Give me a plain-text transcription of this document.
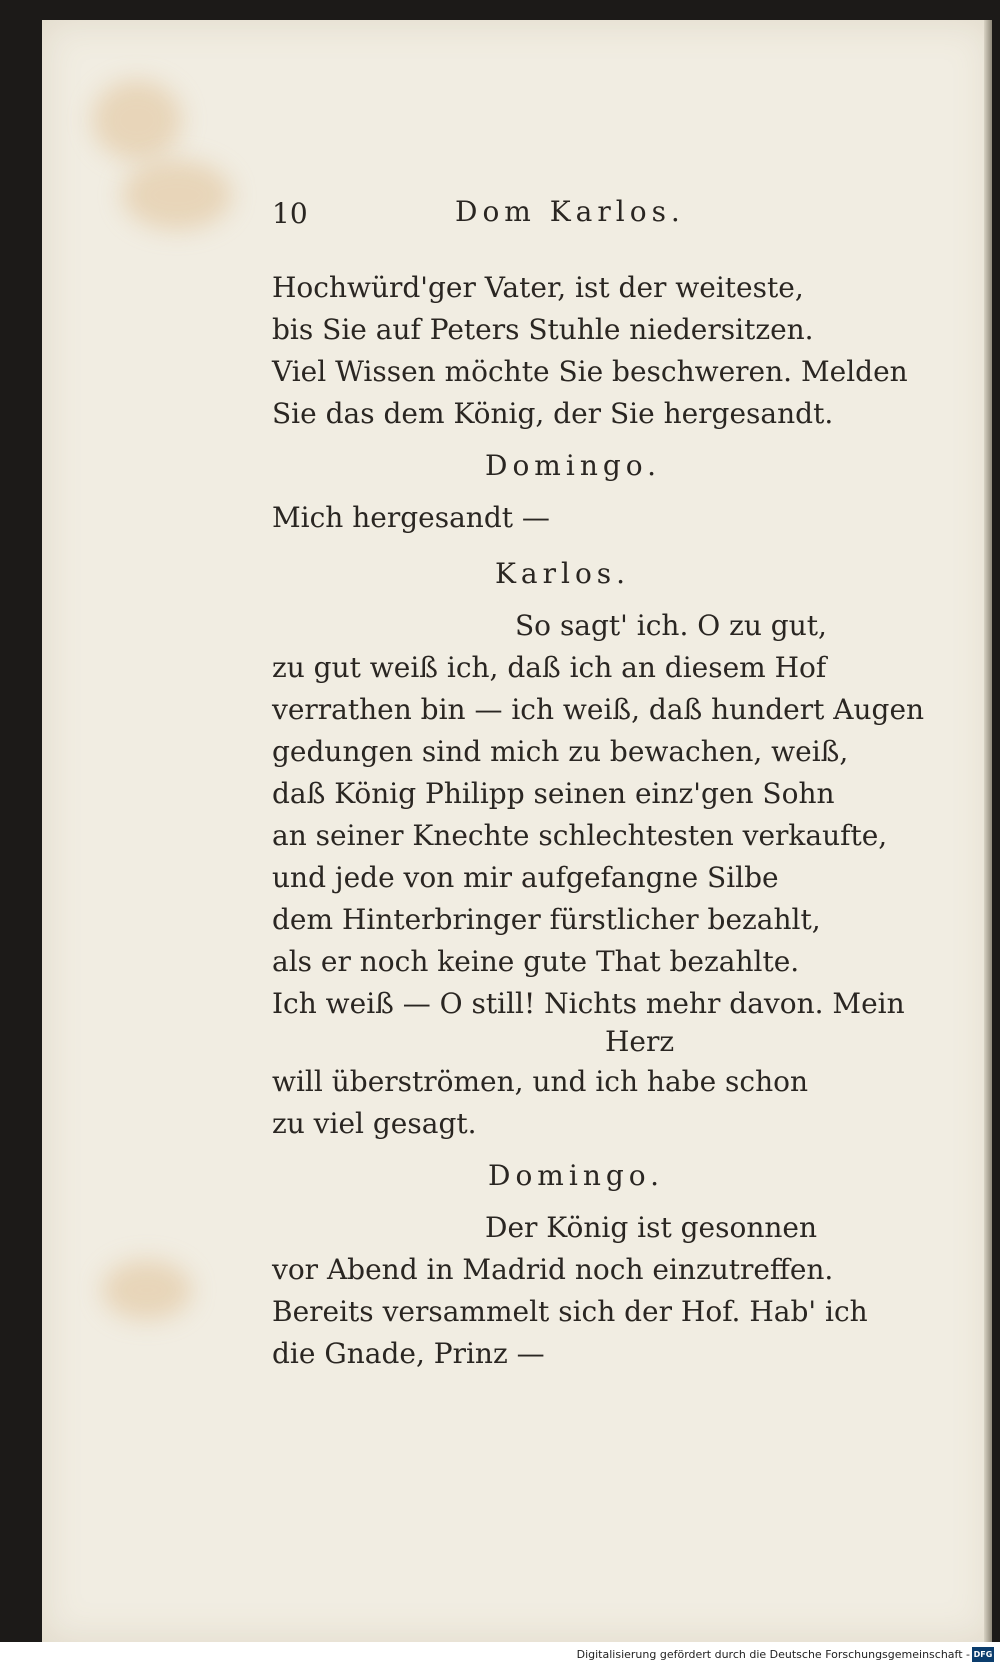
10	Dom Karlos.
Hochwürd'ger Vater, ist der weiteste,
bis Sie auf Peters Stuhle niedersitzen.
Viel Wissen möchte Sie beschweren. Melden
Sie das dem König, der Sie hergesandt.
Domingo.
Mich hergesandt —
Karlos.
So sagt' ich. O zu gut,
zu gut weiß ich, daß ich an diesem Hof
verrathen bin — ich weiß, daß hundert Augen
gedungen sind mich zu bewachen, weiß,
daß König Philipp seinen einz'gen Sohn
an seiner Knechte schlechtesten verkaufte,
und jede von mir aufgefangne Silbe
dem Hinterbringer fürstlicher bezahlt,
als er noch keine gute That bezahlte.
Ich weiß — O still! Nichts mehr davon. Mein
Herz
will überströmen, und ich habe schon
zu viel gesagt.
Domingo.
Der König ist gesonnen
vor Abend in Madrid noch einzutreffen.
Bereits versammelt sich der Hof. Hab' ich
die Gnade, Prinz —
Digitalisierung gefördert durch die Deutsche Forschungsgemeinschaft - DFG
